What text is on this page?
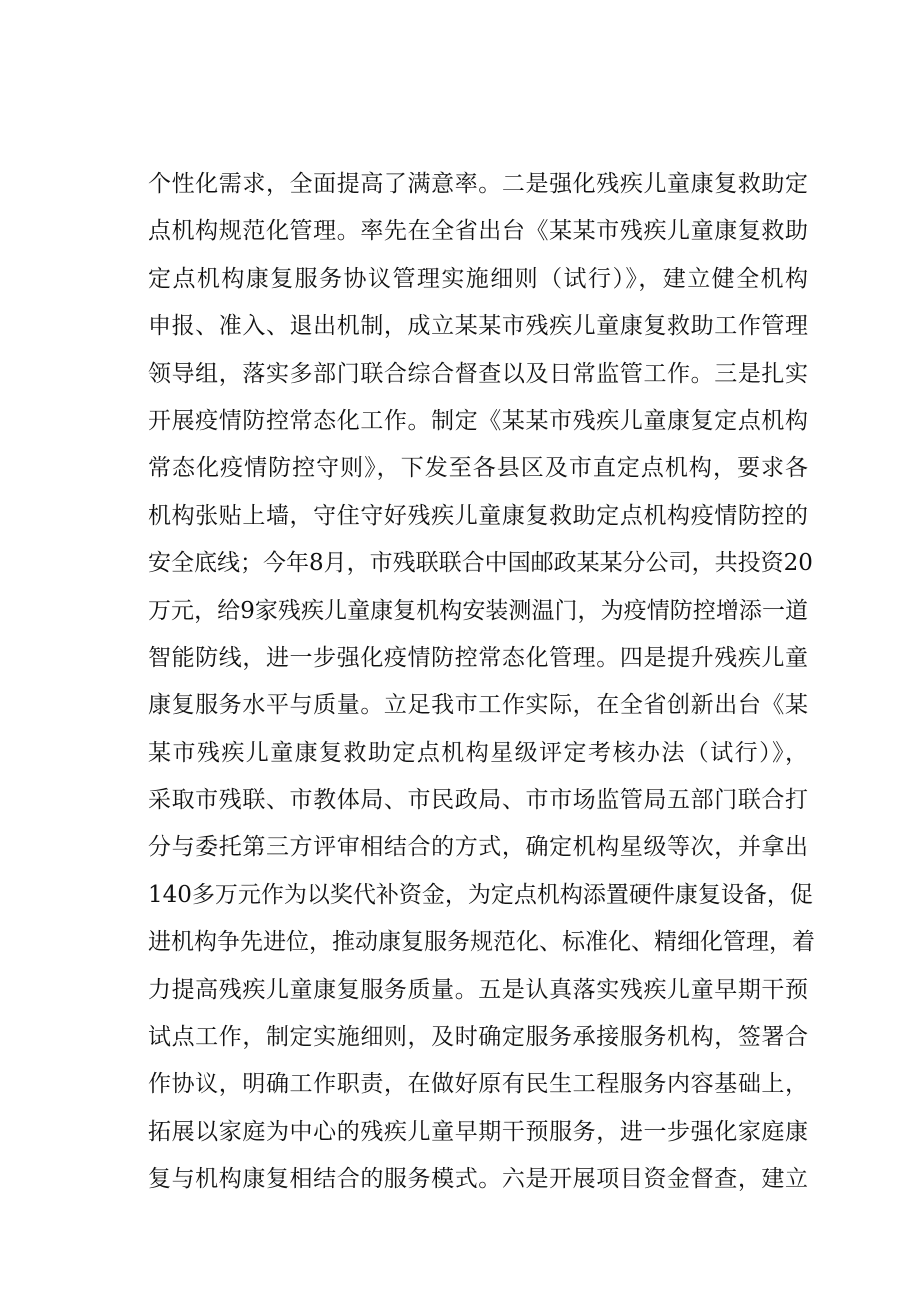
个性化需求，全面提高了满意率。二是强化残疾儿童康复救助定
点机构规范化管理。率先在全省出台《某某市残疾儿童康复救助
定点机构康复服务协议管理实施细则（试行）》，建立健全机构
申报、准入、退出机制，成立某某市残疾儿童康复救助工作管理
领导组，落实多部门联合综合督查以及日常监管工作。三是扎实
开展疫情防控常态化工作。制定《某某市残疾儿童康复定点机构
常态化疫情防控守则》，下发至各县区及市直定点机构，要求各
机构张贴上墙，守住守好残疾儿童康复救助定点机构疫情防控的
安全底线；今年8月，市残联联合中国邮政某某分公司，共投资20
万元，给9家残疾儿童康复机构安装测温门，为疫情防控增添一道
智能防线，进一步强化疫情防控常态化管理。四是提升残疾儿童
康复服务水平与质量。立足我市工作实际，在全省创新出台《某
某市残疾儿童康复救助定点机构星级评定考核办法（试行）》，
采取市残联、市教体局、市民政局、市市场监管局五部门联合打
分与委托第三方评审相结合的方式，确定机构星级等次，并拿出
140多万元作为以奖代补资金，为定点机构添置硬件康复设备，促
进机构争先进位，推动康复服务规范化、标准化、精细化管理，着
力提高残疾儿童康复服务质量。五是认真落实残疾儿童早期干预
试点工作，制定实施细则，及时确定服务承接服务机构，签署合
作协议，明确工作职责，在做好原有民生工程服务内容基础上，
拓展以家庭为中心的残疾儿童早期干预服务，进一步强化家庭康
复与机构康复相结合的服务模式。六是开展项目资金督查，建立
